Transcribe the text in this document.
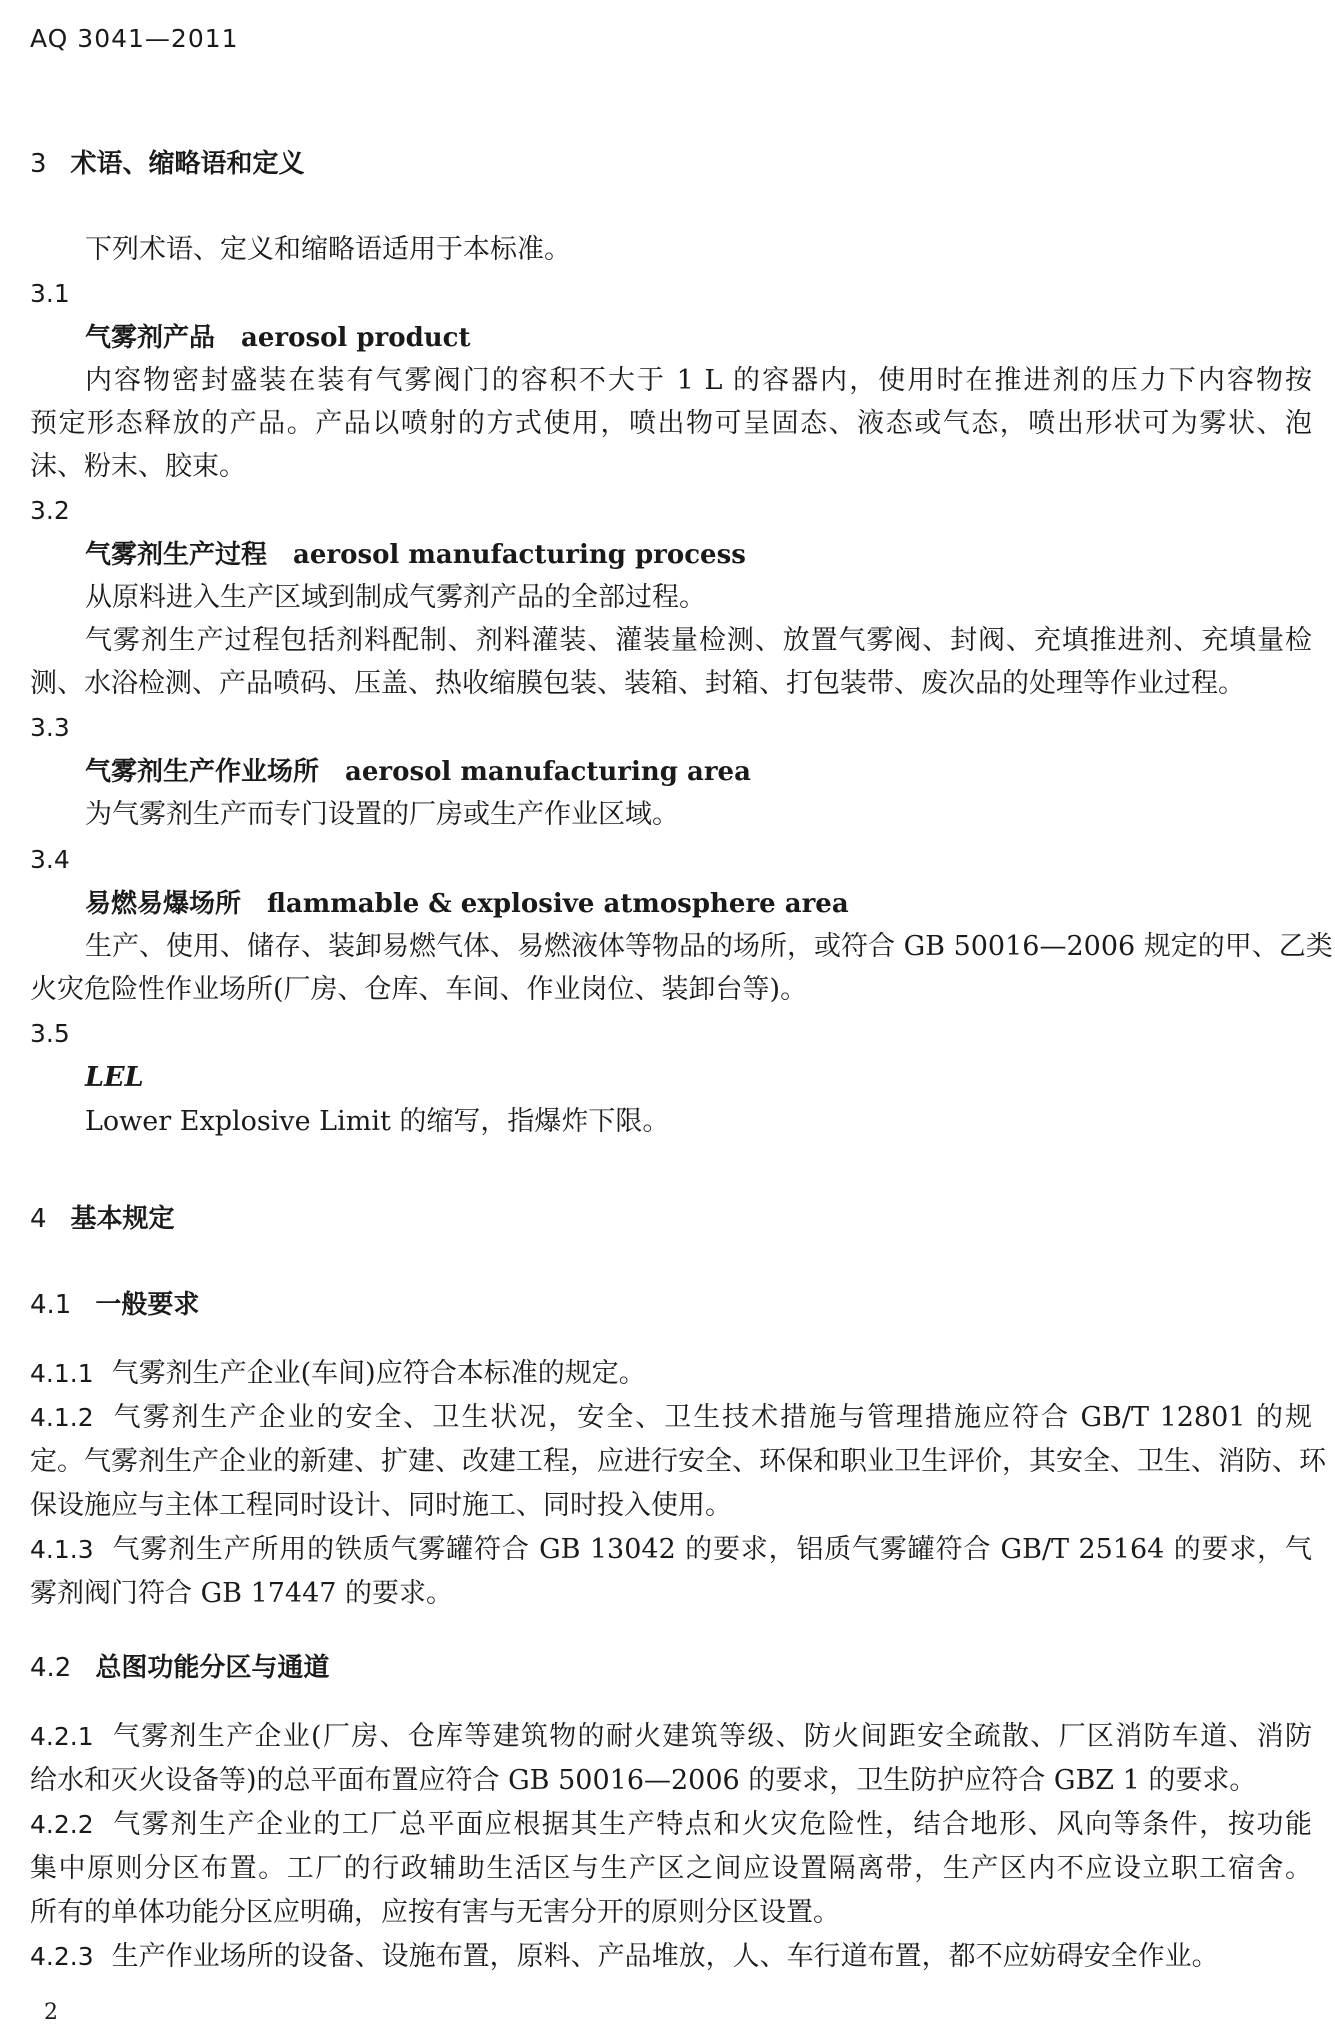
AQ 3041—2011
3 术语、缩略语和定义
下列术语、定义和缩略语适用于本标准。
3.1
气雾剂产品 aerosol product
内容物密封盛装在装有气雾阀门的容积不大于 1 L 的容器内，使用时在推进剂的压力下内容物按
预定形态释放的产品。产品以喷射的方式使用，喷出物可呈固态、液态或气态，喷出形状可为雾状、泡
沫、粉末、胶束。
3.2
气雾剂生产过程 aerosol manufacturing process
从原料进入生产区域到制成气雾剂产品的全部过程。
气雾剂生产过程包括剂料配制、剂料灌装、灌装量检测、放置气雾阀、封阀、充填推进剂、充填量检
测、水浴检测、产品喷码、压盖、热收缩膜包装、装箱、封箱、打包装带、废次品的处理等作业过程。
3.3
气雾剂生产作业场所 aerosol manufacturing area
为气雾剂生产而专门设置的厂房或生产作业区域。
3.4
易燃易爆场所 flammable & explosive atmosphere area
生产、使用、储存、装卸易燃气体、易燃液体等物品的场所，或符合 GB 50016—2006 规定的甲、乙类
火灾危险性作业场所(厂房、仓库、车间、作业岗位、装卸台等)。
3.5
LEL
Lower Explosive Limit 的缩写，指爆炸下限。
4 基本规定
4.1 一般要求
4.1.1 气雾剂生产企业(车间)应符合本标准的规定。
4.1.2 气雾剂生产企业的安全、卫生状况，安全、卫生技术措施与管理措施应符合 GB/T 12801 的规
定。气雾剂生产企业的新建、扩建、改建工程，应进行安全、环保和职业卫生评价，其安全、卫生、消防、环
保设施应与主体工程同时设计、同时施工、同时投入使用。
4.1.3 气雾剂生产所用的铁质气雾罐符合 GB 13042 的要求，铝质气雾罐符合 GB/T 25164 的要求，气
雾剂阀门符合 GB 17447 的要求。
4.2 总图功能分区与通道
4.2.1 气雾剂生产企业(厂房、仓库等建筑物的耐火建筑等级、防火间距安全疏散、厂区消防车道、消防
给水和灭火设备等)的总平面布置应符合 GB 50016—2006 的要求，卫生防护应符合 GBZ 1 的要求。
4.2.2 气雾剂生产企业的工厂总平面应根据其生产特点和火灾危险性，结合地形、风向等条件，按功能
集中原则分区布置。工厂的行政辅助生活区与生产区之间应设置隔离带，生产区内不应设立职工宿舍。
所有的单体功能分区应明确，应按有害与无害分开的原则分区设置。
4.2.3 生产作业场所的设备、设施布置，原料、产品堆放，人、车行道布置，都不应妨碍安全作业。
2
